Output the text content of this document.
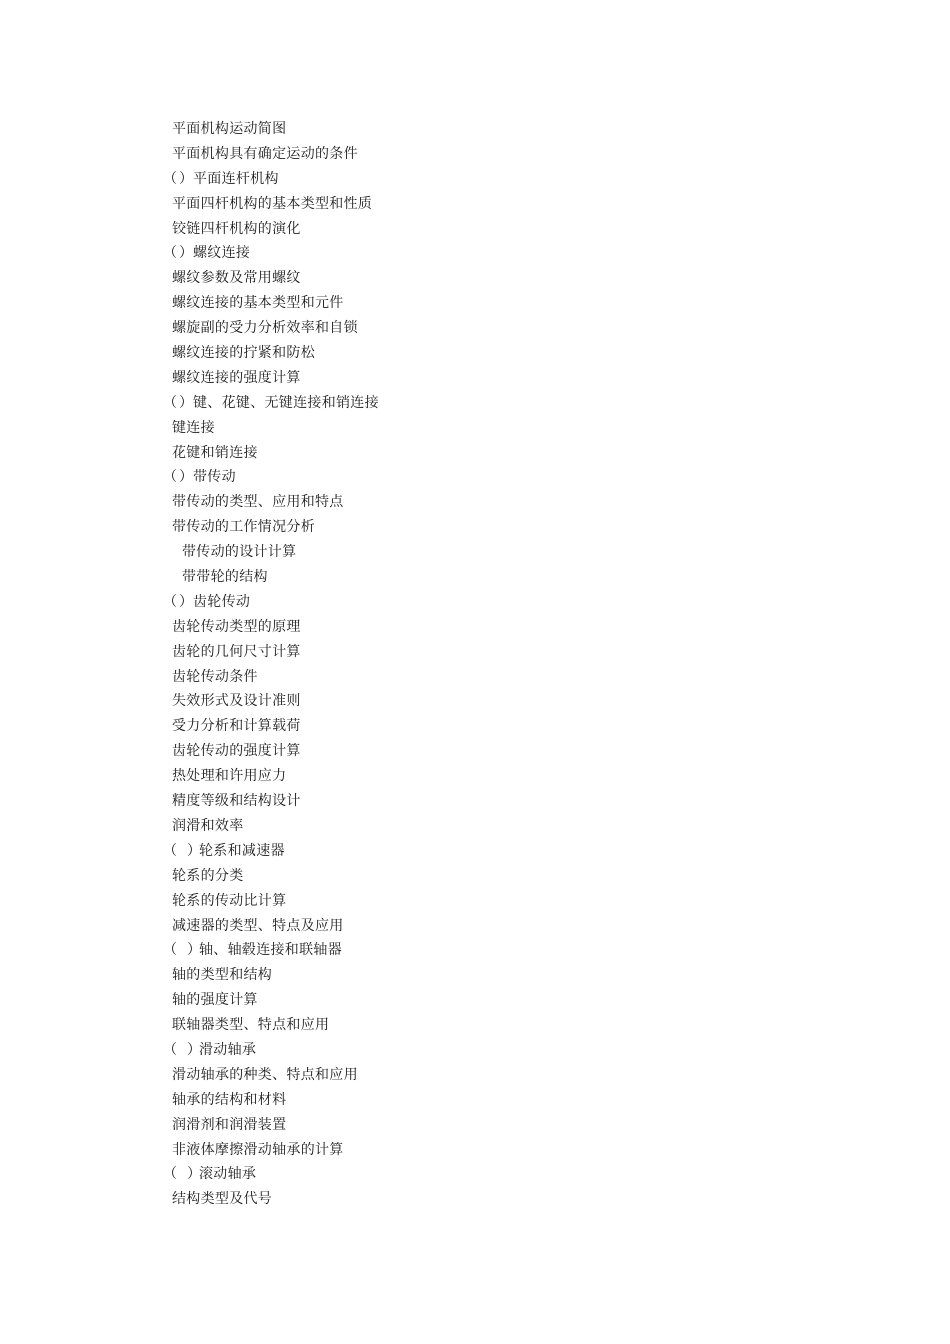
平面机构运动简图
平面机构具有确定运动的条件
（ ）平面连杆机构
平面四杆机构的基本类型和性质
铰链四杆机构的演化
（ ）螺纹连接
螺纹参数及常用螺纹
螺纹连接的基本类型和元件
螺旋副的受力分析效率和自锁
螺纹连接的拧紧和防松
螺纹连接的强度计算
（ ）键、花键、无键连接和销连接
键连接
花键和销连接
（ ）带传动
带传动的类型、应用和特点
带传动的工作情况分析
带传动的设计计算
带带轮的结构
（ ）齿轮传动
齿轮传动类型的原理
齿轮的几何尺寸计算
齿轮传动条件
失效形式及设计准则
受力分析和计算载荷
齿轮传动的强度计算
热处理和许用应力
精度等级和结构设计
润滑和效率
（ ）轮系和减速器
轮系的分类
轮系的传动比计算
减速器的类型、特点及应用
（ ）轴、轴毂连接和联轴器
轴的类型和结构
轴的强度计算
联轴器类型、特点和应用
（ ）滑动轴承
滑动轴承的种类、特点和应用
轴承的结构和材料
润滑剂和润滑装置
非液体摩擦滑动轴承的计算
（ ）滚动轴承
结构类型及代号
